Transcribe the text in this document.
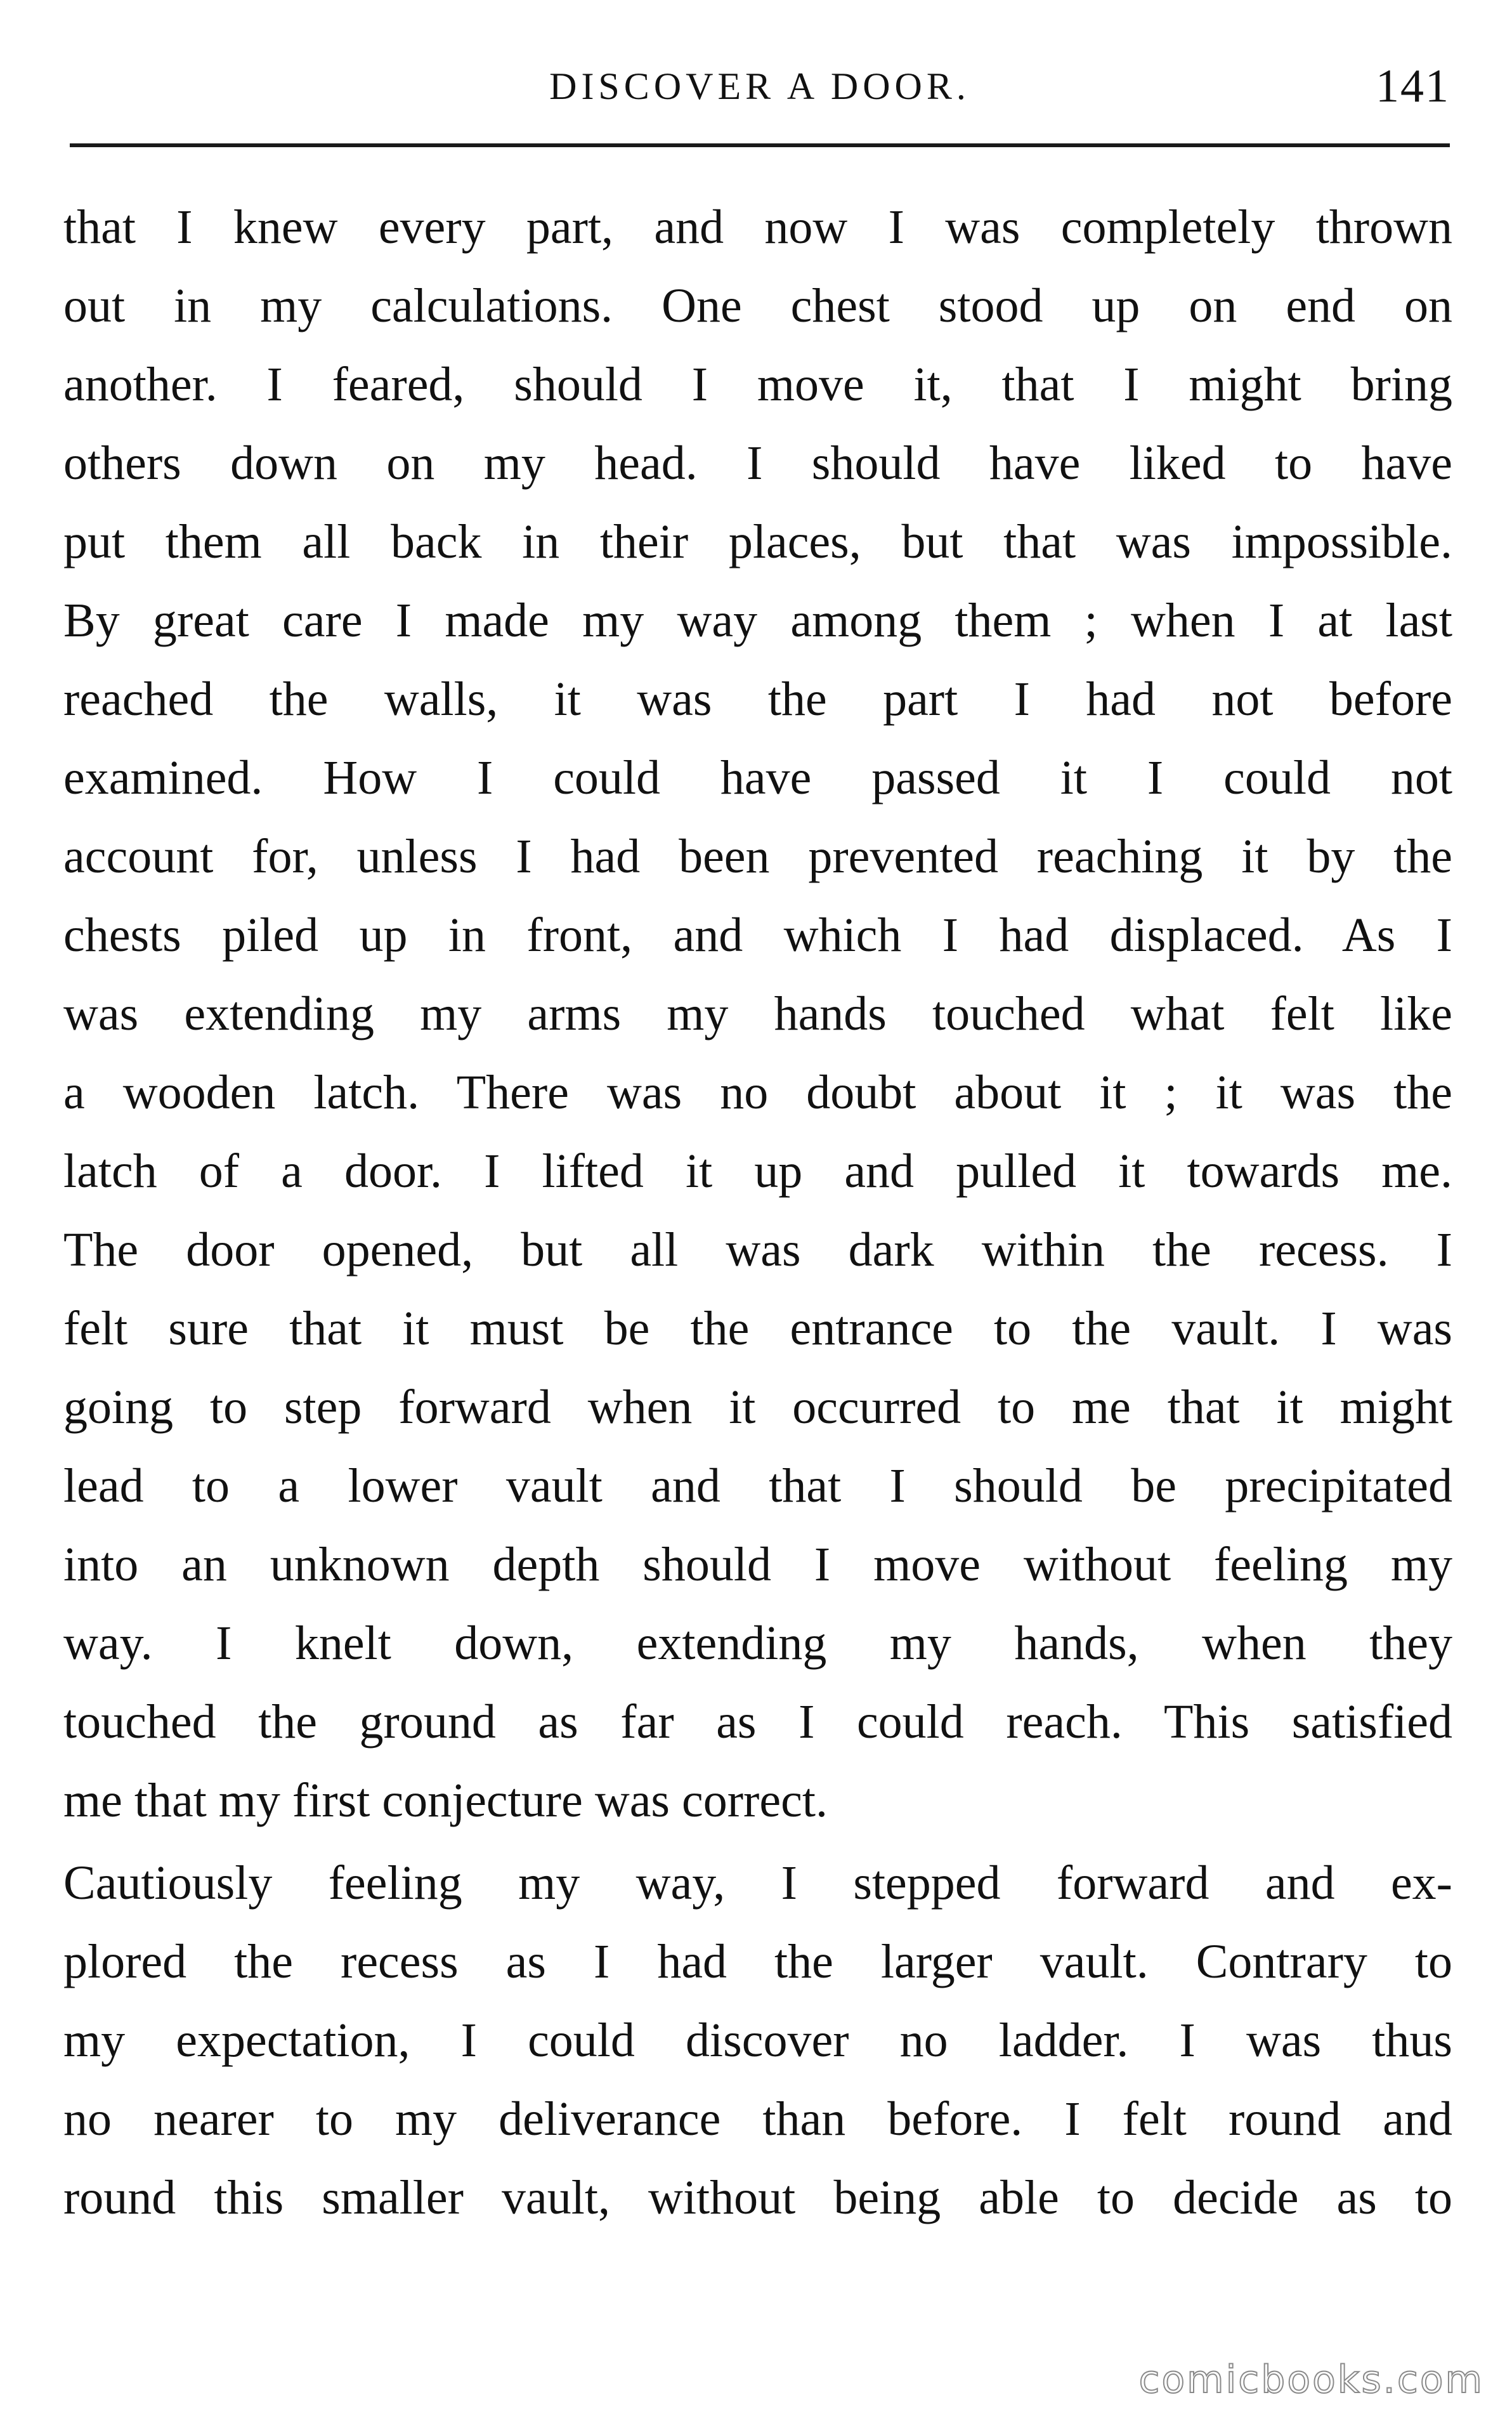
DISCOVER A DOOR.	141
that I knew every part, and now I was completely thrown
out in my calculations. One chest stood up on end on
another. I feared, should I move it, that I might bring
others down on my head. I should have liked to have
put them all back in their places, but that was impossible.
By great care I made my way among them ; when I at last
reached the walls, it was the part I had not before
examined. How I could have passed it I could not
account for, unless I had been prevented reaching it by the
chests piled up in front, and which I had displaced. As I
was extending my arms my hands touched what felt like
a wooden latch. There was no doubt about it ; it was the
latch of a door. I lifted it up and pulled it towards me.
The door opened, but all was dark within the recess. I
felt sure that it must be the entrance to the vault. I was
going to step forward when it occurred to me that it might
lead to a lower vault and that I should be precipitated
into an unknown depth should I move without feeling my
way. I knelt down, extending my hands, when they
touched the ground as far as I could reach. This satisfied
me that my first conjecture was correct.
Cautiously feeling my way, I stepped forward and ex-
plored the recess as I had the larger vault. Contrary to
my expectation, I could discover no ladder. I was thus
no nearer to my deliverance than before. I felt round and
round this smaller vault, without being able to decide as to
comicbooks.com
